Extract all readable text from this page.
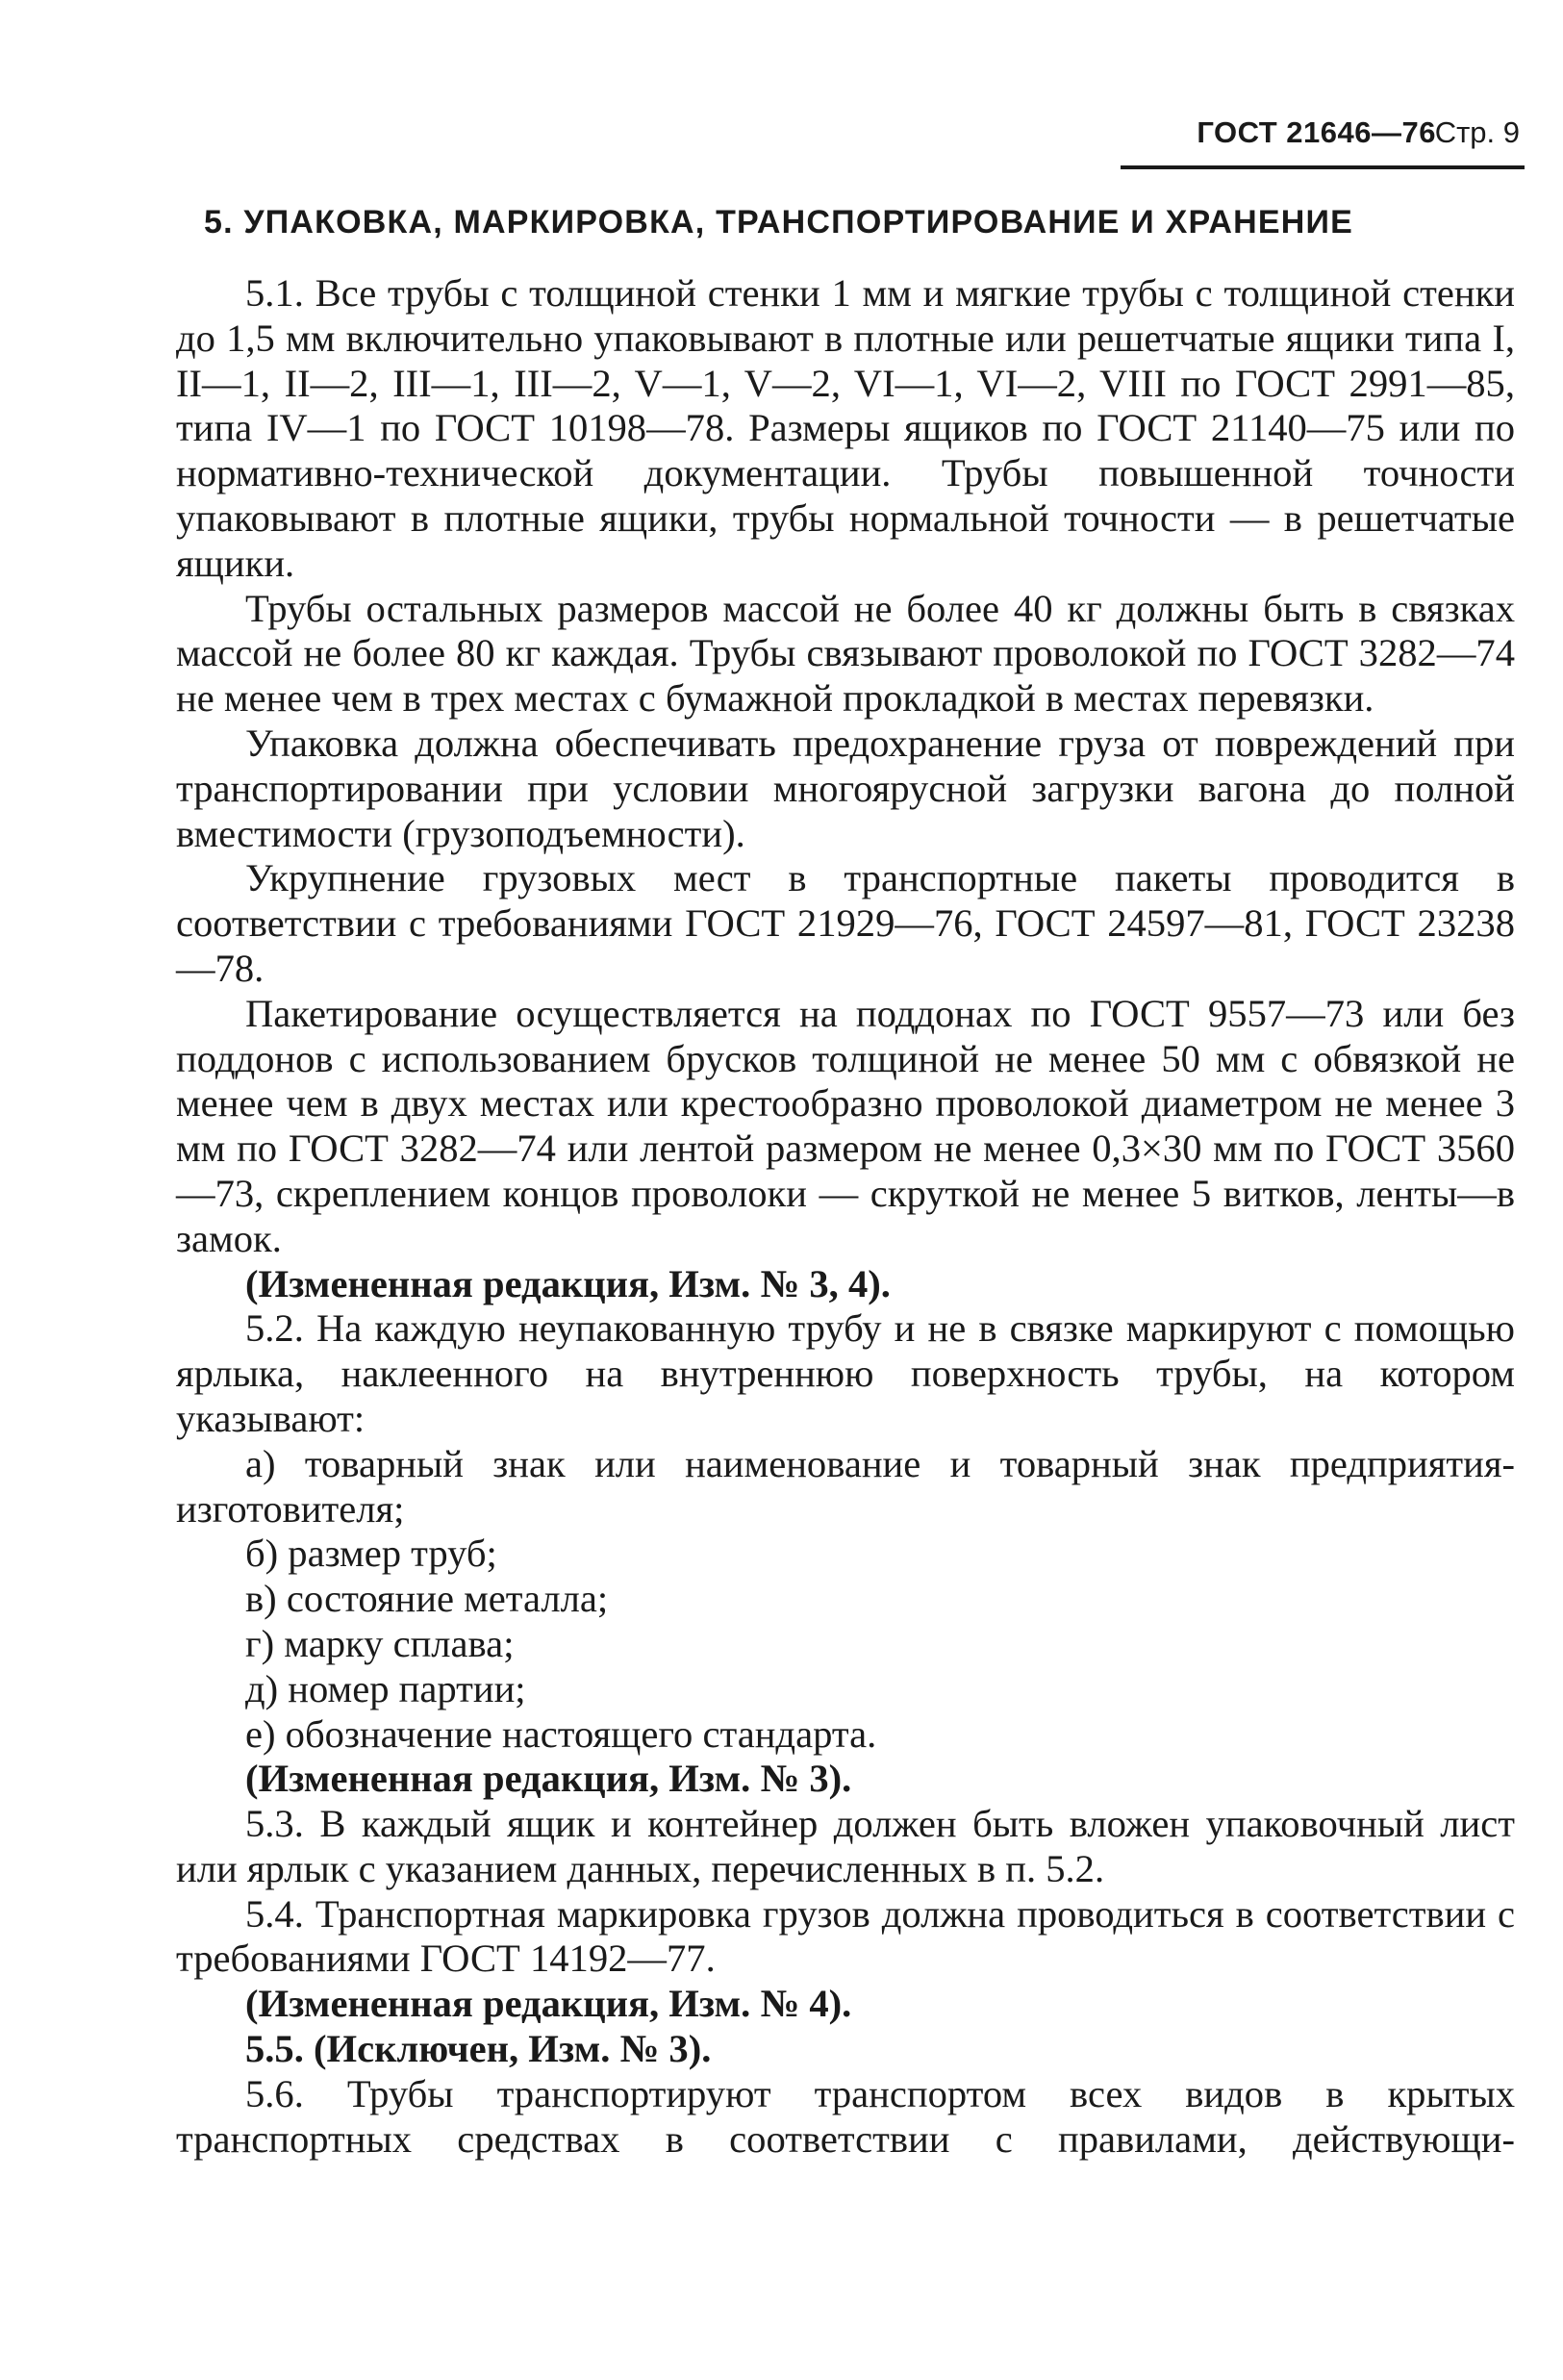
ГОСТ 21646—76
Стр. 9
5. УПАКОВКА, МАРКИРОВКА, ТРАНСПОРТИРОВАНИЕ И ХРАНЕНИЕ

5.1. Все трубы с толщиной стенки 1 мм и мягкие трубы с толщиной стенки до 1,5 мм включительно упаковывают в плотные или решетчатые ящики типа I, II—1, II—2, III—1, III—2, V—1, V—2, VI—1, VI—2, VIII по ГОСТ 2991—85, типа IV—1 по ГОСТ 10198—78. Размеры ящиков по ГОСТ 21140—75 или по нормативно-технической документации. Трубы повышенной точности упаковывают в плотные ящики, трубы нормальной точности — в решетчатые ящики.

Трубы остальных размеров массой не более 40 кг должны быть в связках массой не более 80 кг каждая. Трубы связывают проволокой по ГОСТ 3282—74 не менее чем в трех местах с бумажной прокладкой в местах перевязки.

Упаковка должна обеспечивать предохранение груза от повреждений при транспортировании при условии многоярусной загрузки вагона до полной вместимости (грузоподъемности).

Укрупнение грузовых мест в транспортные пакеты проводится в соответствии с требованиями ГОСТ 21929—76, ГОСТ 24597—81, ГОСТ 23238—78.

Пакетирование осуществляется на поддонах по ГОСТ 9557—73 или без поддонов с использованием брусков толщиной не менее 50 мм с обвязкой не менее чем в двух местах или крестообразно проволокой диаметром не менее 3 мм по ГОСТ 3282—74 или лентой размером не менее 0,3×30 мм по ГОСТ 3560—73, скреплением концов проволоки — скруткой не менее 5 витков, ленты—в замок.

(Измененная редакция, Изм. № 3, 4).

5.2. На каждую неупакованную трубу и не в связке маркируют с помощью ярлыка, наклеенного на внутреннюю поверхность трубы, на котором указывают:

а) товарный знак или наименование и товарный знак предприятия-изготовителя;

б) размер труб;

в) состояние металла;

г) марку сплава;

д) номер партии;

е) обозначение настоящего стандарта.

(Измененная редакция, Изм. № 3).

5.3. В каждый ящик и контейнер должен быть вложен упаковочный лист или ярлык с указанием данных, перечисленных в п. 5.2.

5.4. Транспортная маркировка грузов должна проводиться в соответствии с требованиями ГОСТ 14192—77.

(Измененная редакция, Изм. № 4).

5.5. (Исключен, Изм. № 3).

5.6. Трубы транспортируют транспортом всех видов в крытых транспортных средствах в соответствии с правилами, действующи-
